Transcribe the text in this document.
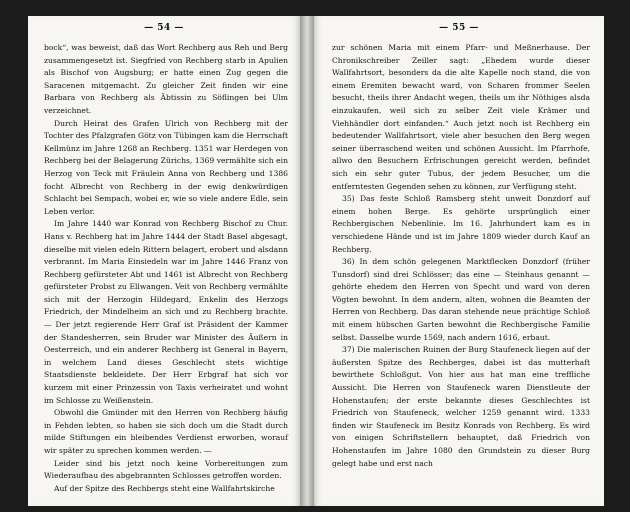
— 54 —

bock“, was beweist, daß das Wort Rechberg aus Reh und Berg zusammengesetzt ist. Siegfried von Rechberg starb in Apulien als Bischof von Augsburg; er hatte einen Zug gegen die Saracenen mitgemacht. Zu gleicher Zeit finden wir eine Barbara von Rechberg als Äbtissin zu Söflingen bei Ulm verzeichnet.

Durch Heirat des Grafen Ulrich von Rechberg mit der Tochter des Pfalzgrafen Götz von Tübingen kam die Herrschaft Kellmünz im Jahre 1268 an Rechberg. 1351 war Herdegen von Rechberg bei der Belagerung Zürichs, 1369 vermählte sich ein Herzog von Teck mit Fräulein Anna von Rechberg und 1386 focht Albrecht von Rechberg in der ewig denkwürdigen Schlacht bei Sempach, wobei er, wie so viele andere Edle, sein Leben verlor.

Im Jahre 1440 war Konrad von Rechberg Bischof zu Chur. Hans v. Rechberg hat im Jahre 1444 der Stadt Basel abgesagt, dieselbe mit vielen edeln Rittern belagert, erobert und alsdann verbrannt. Im Maria Einsiedeln war im Jahre 1446 Franz von Rechberg gefürsteter Abt und 1461 ist Albrecht von Rechberg gefürsteter Probst zu Ellwangen. Veit von Rechberg vermählte sich mit der Herzogin Hildegard, Enkelin des Herzogs Friedrich, der Mindelheim an sich und zu Rechberg brachte. — Der jetzt regierende Herr Graf ist Präsident der Kammer der Standesherren, sein Bruder war Minister des Äußern in Oesterreich, und ein anderer Rechberg ist General in Bayern, in welchem Land dieses Geschlecht stets wichtige Staatsdienste bekleidete. Der Herr Erbgraf hat sich vor kurzem mit einer Prinzessin von Taxis verheiratet und wohnt im Schlosse zu Weißenstein.

Obwohl die Gmünder mit den Herren von Rechberg häufig in Fehden lebten, so haben sie sich doch um die Stadt durch milde Stiftungen ein bleibendes Verdienst erworben, worauf wir später zu sprechen kommen werden. —

Leider sind bis jetzt noch keine Vorbereitungen zum Wiederaufbau des abgebrannten Schlosses getroffen worden.

Auf der Spitze des Rechbergs steht eine Wallfahrtskirche

— 55 —

zur schönen Maria mit einem Pfarr- und Meßnerhause. Der Chronikschreiber Zeiller sagt: „Ehedem wurde dieser Wallfahrtsort, besonders da die alte Kapelle noch stand, die von einem Eremiten bewacht ward, von Scharen frommer Seelen besucht, theils ihrer Andacht wegen, theils um ihr Nöthiges alsda einzukaufen, weil sich zu selber Zeit viele Krämer und Viehhändler dort einfanden.“ Auch jetzt noch ist Rechberg ein bedeutender Wallfahrtsort, viele aber besuchen den Berg wegen seiner überraschend weiten und schönen Aussicht. Im Pfarrhofe, allwo den Besuchern Erfrischungen gereicht werden, befindet sich ein sehr guter Tubus, der jedem Besucher, um die entferntesten Gegenden sehen zu können, zur Verfügung steht.

35) Das feste Schloß Ramsberg steht unweit Donzdorf auf einem hohen Berge. Es gehörte ursprünglich einer Rechbergischen Nebenlinie. Im 16. Jahrhundert kam es in verschiedene Hände und ist im Jahre 1809 wieder durch Kauf an Rechberg.

36) In dem schön gelegenen Marktflecken Donzdorf (früher Tunsdorf) sind drei Schlösser; das eine — Steinhaus genannt — gehörte ehedem den Herren von Specht und ward von deren Vögten bewohnt. In dem andern, alten, wohnen die Beamten der Herren von Rechberg. Das daran stehende neue prächtige Schloß mit einem hübschen Garten bewohnt die Rechbergische Familie selbst. Dasselbe wurde 1569, nach andern 1616, erbaut.

37) Die malerischen Ruinen der Burg Staufeneck liegen auf der äußersten Spitze des Rechberges, dabei ist das mutterhaft bewirthete Schloßgut. Von hier aus hat man eine treffliche Aussicht. Die Herren von Staufeneck waren Dienstleute der Hohenstaufen; der erste bekannte dieses Geschlechtes ist Friedrich von Staufeneck, welcher 1259 genannt wird. 1333 finden wir Staufeneck im Besitz Konrads von Rechberg. Es wird von einigen Schriftstellern behauptet, daß Friedrich von Hohenstaufen im Jahre 1080 den Grundstein zu dieser Burg gelegt habe und erst nach
